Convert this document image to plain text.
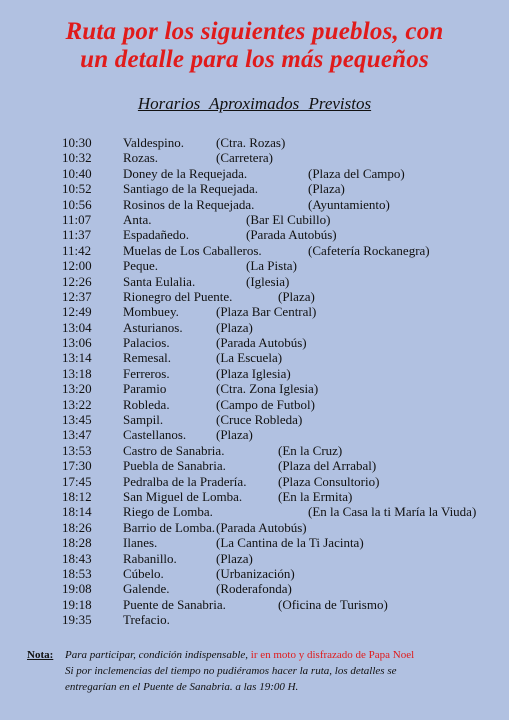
Ruta por los siguientes pueblos, con
un detalle para los más pequeños
Horarios Aproximados Previstos
10:30 Valdespino. (Ctra. Rozas)
10:32 Rozas.	(Carretera)
10:40 Doney de la Requejada.	(Plaza del Campo)
10:52 Santiago de la Requejada.	(Plaza)
10:56 Rosinos de la Requejada.	(Ayuntamiento)
11:07 Anta.	(Bar El Cubillo)
11:37 Espadañedo.	(Parada Autobús)
11:42 Muelas de Los Caballeros.	(Cafetería Rockanegra)
12:00 Peque.	(La Pista)
12:26 Santa Eulalia.	(Iglesia)
12:37 Rionegro del Puente.	(Plaza)
12:49 Mombuey.	(Plaza Bar Central)
13:04 Asturianos.	(Plaza)
13:06 Palacios.	(Parada Autobús)
13:14 Remesal.	(La Escuela)
13:18 Ferreros.	(Plaza Iglesia)
13:20 Paramio	(Ctra. Zona Iglesia)
13:22 Robleda.	(Campo de Futbol)
13:45 Sampil.	(Cruce Robleda)
13:47 Castellanos. (Plaza)
13:53 Castro de Sanabria.	(En la Cruz)
17:30 Puebla de Sanabria.	(Plaza del Arrabal)
17:45 Pedralba de la Pradería. (Plaza Consultorio)
18:12 San Miguel de Lomba.	(En la Ermita)
18:14 Riego de Lomba.	(En la Casa la ti María la Viuda)
18:26 Barrio de Lomba. (Parada Autobús)
18:28 Ilanes.	(La Cantina de la Ti Jacinta)
18:43 Rabanillo.	(Plaza)
18:53 Cúbelo.	(Urbanización)
19:08 Galende.	(Roderafonda)
19:18 Puente de Sanabria.	(Oficina de Turismo)
19:35 Trefacio.
Nota: Para participar, condición indispensable, ir en moto y disfrazado de Papa Noel
Si por inclemencias del tiempo no pudiéramos hacer la ruta, los detalles se
entregarían en el Puente de Sanabria. a las 19:00 H.
